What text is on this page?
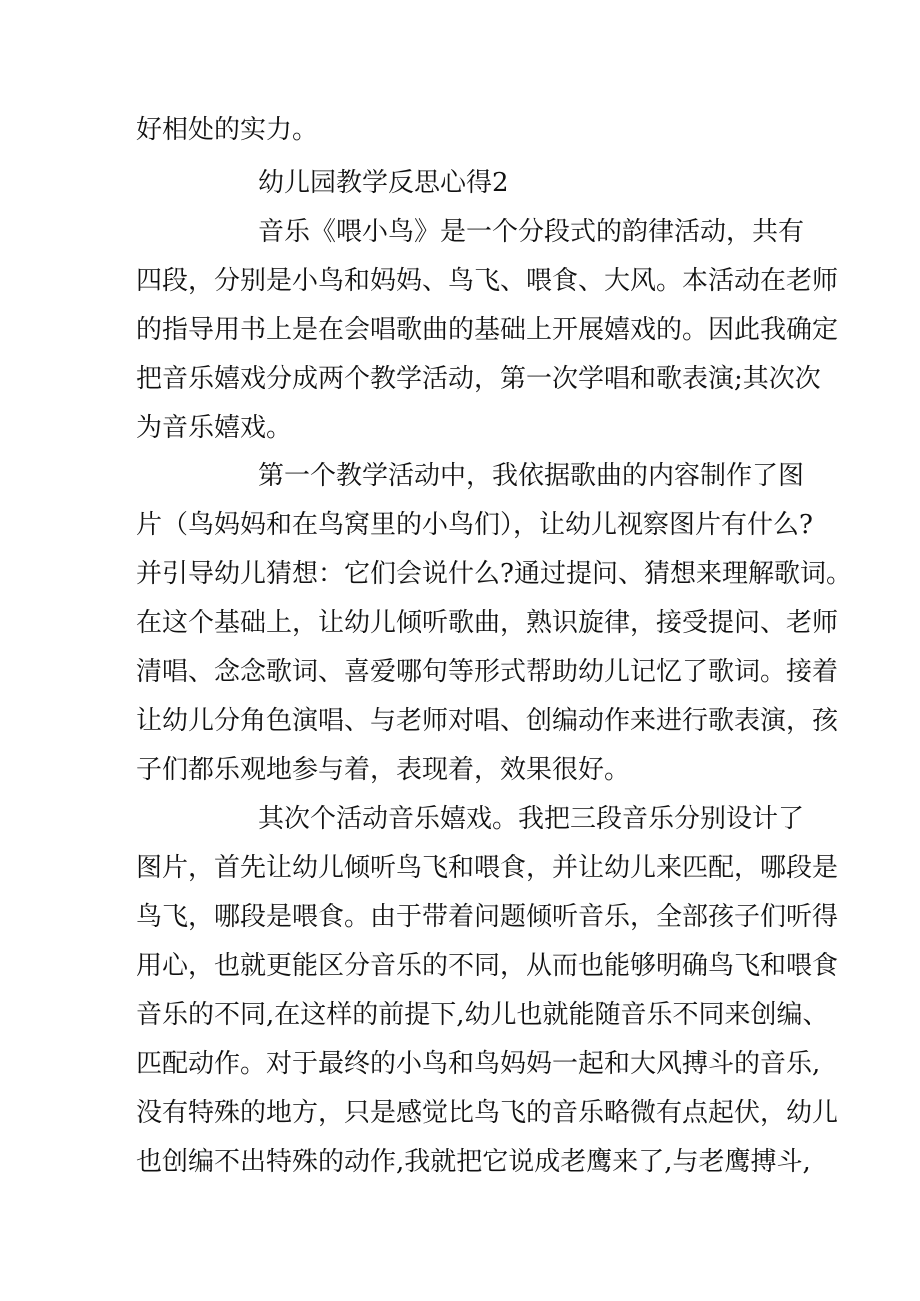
好相处的实力。
幼儿园教学反思心得2
音乐《喂小鸟》是一个分段式的韵律活动，共有
四段，分别是小鸟和妈妈、鸟飞、喂食、大风。本活动在老师
的指导用书上是在会唱歌曲的基础上开展嬉戏的。因此我确定
把音乐嬉戏分成两个教学活动，第一次学唱和歌表演;其次次
为音乐嬉戏。
第一个教学活动中，我依据歌曲的内容制作了图
片（鸟妈妈和在鸟窝里的小鸟们），让幼儿视察图片有什么?
并引导幼儿猜想：它们会说什么?通过提问、猜想来理解歌词。
在这个基础上，让幼儿倾听歌曲，熟识旋律，接受提问、老师
清唱、念念歌词、喜爱哪句等形式帮助幼儿记忆了歌词。接着
让幼儿分角色演唱、与老师对唱、创编动作来进行歌表演，孩
子们都乐观地参与着，表现着，效果很好。
其次个活动音乐嬉戏。我把三段音乐分别设计了
图片，首先让幼儿倾听鸟飞和喂食，并让幼儿来匹配，哪段是
鸟飞，哪段是喂食。由于带着问题倾听音乐，全部孩子们听得
用心，也就更能区分音乐的不同，从而也能够明确鸟飞和喂食
音乐的不同,在这样的前提下,幼儿也就能随音乐不同来创编、
匹配动作。对于最终的小鸟和鸟妈妈一起和大风搏斗的音乐,
没有特殊的地方，只是感觉比鸟飞的音乐略微有点起伏，幼儿
也创编不出特殊的动作,我就把它说成老鹰来了,与老鹰搏斗,
